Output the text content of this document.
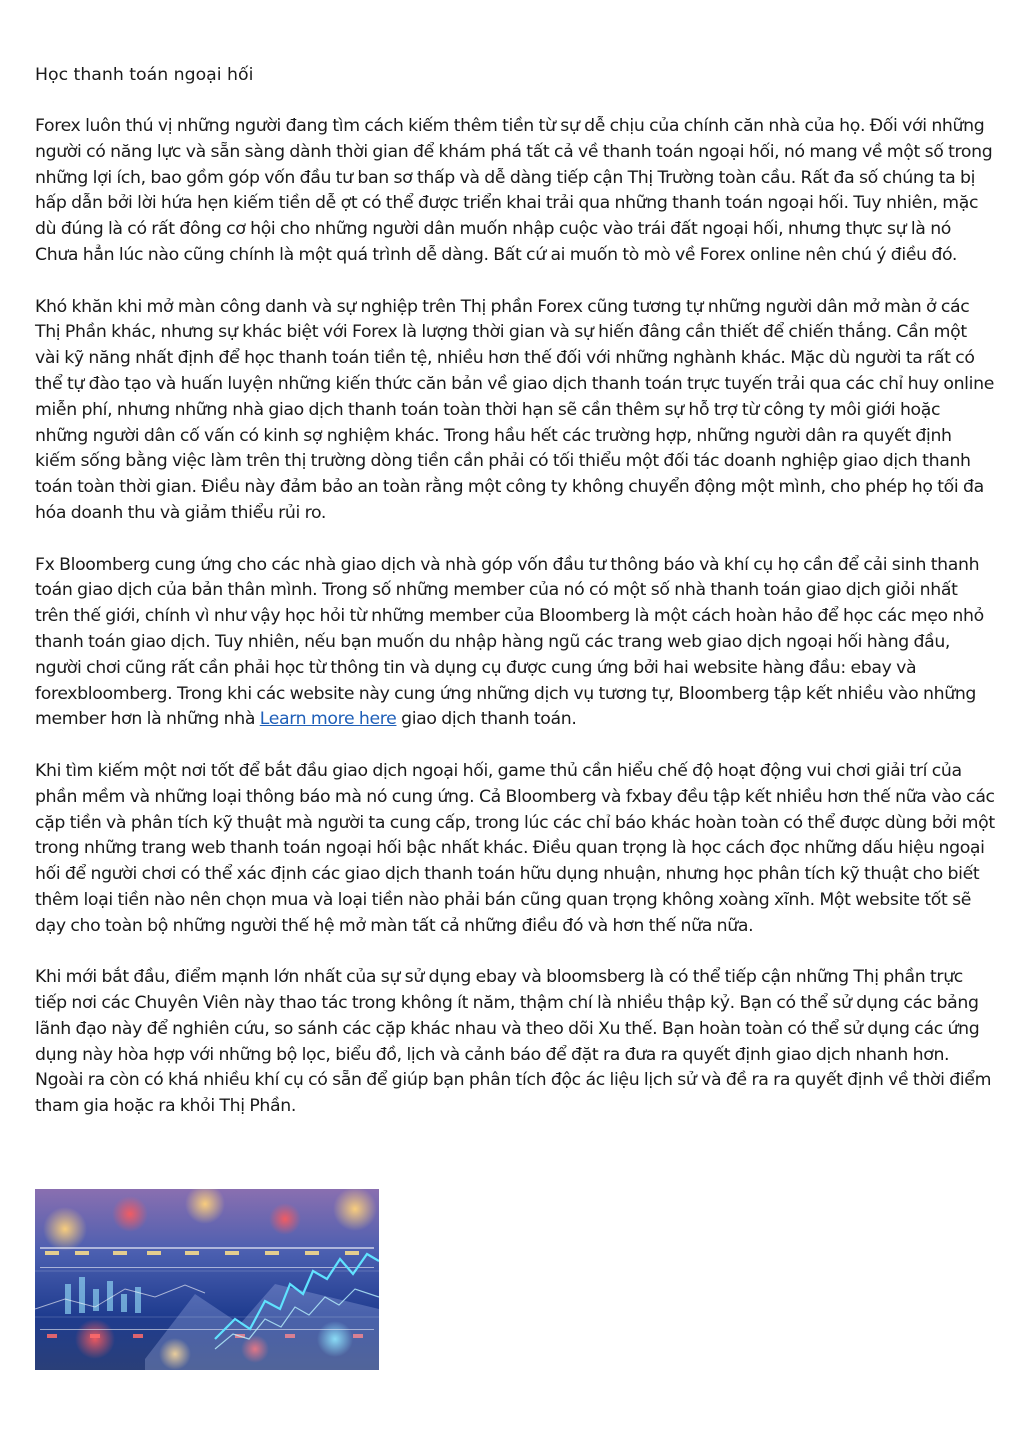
Học thanh toán ngoại hối

Forex luôn thú vị những người đang tìm cách kiếm thêm tiền từ sự dễ chịu của chính căn nhà của họ. Đối với những người có năng lực và sẵn sàng dành thời gian để khám phá tất cả về thanh toán ngoại hối, nó mang về một số trong những lợi ích, bao gồm góp vốn đầu tư ban sơ thấp và dễ dàng tiếp cận Thị Trường toàn cầu. Rất đa số chúng ta bị hấp dẫn bởi lời hứa hẹn kiếm tiền dễ ợt có thể được triển khai trải qua những thanh toán ngoại hối. Tuy nhiên, mặc dù đúng là có rất đông cơ hội cho những người dân muốn nhập cuộc vào trái đất ngoại hối, nhưng thực sự là nó Chưa hẳn lúc nào cũng chính là một quá trình dễ dàng. Bất cứ ai muốn tò mò về Forex online nên chú ý điều đó.

Khó khăn khi mở màn công danh và sự nghiệp trên Thị phần Forex cũng tương tự những người dân mở màn ở các Thị Phần khác, nhưng sự khác biệt với Forex là lượng thời gian và sự hiến đâng cần thiết để chiến thắng. Cần một vài kỹ năng nhất định để học thanh toán tiền tệ, nhiều hơn thế đối với những nghành khác. Mặc dù người ta rất có thể tự đào tạo và huấn luyện những kiến thức căn bản về giao dịch thanh toán trực tuyến trải qua các chỉ huy online miễn phí, nhưng những nhà giao dịch thanh toán toàn thời hạn sẽ cần thêm sự hỗ trợ từ công ty môi giới hoặc những người dân cố vấn có kinh sợ nghiệm khác. Trong hầu hết các trường hợp, những người dân ra quyết định kiếm sống bằng việc làm trên thị trường dòng tiền cần phải có tối thiểu một đối tác doanh nghiệp giao dịch thanh toán toàn thời gian. Điều này đảm bảo an toàn rằng một công ty không chuyển động một mình, cho phép họ tối đa hóa doanh thu và giảm thiểu rủi ro.

Fx Bloomberg cung ứng cho các nhà giao dịch và nhà góp vốn đầu tư thông báo và khí cụ họ cần để cải sinh thanh toán giao dịch của bản thân mình. Trong số những member của nó có một số nhà thanh toán giao dịch giỏi nhất trên thế giới, chính vì như vậy học hỏi từ những member của Bloomberg là một cách hoàn hảo để học các mẹo nhỏ thanh toán giao dịch. Tuy nhiên, nếu bạn muốn du nhập hàng ngũ các trang web giao dịch ngoại hối hàng đầu, người chơi cũng rất cần phải học từ thông tin và dụng cụ được cung ứng bởi hai website hàng đầu: ebay và forexbloomberg. Trong khi các website này cung ứng những dịch vụ tương tự, Bloomberg tập kết nhiều vào những member hơn là những nhà Learn more here giao dịch thanh toán.

Khi tìm kiếm một nơi tốt để bắt đầu giao dịch ngoại hối, game thủ cần hiểu chế độ hoạt động vui chơi giải trí của phần mềm và những loại thông báo mà nó cung ứng. Cả Bloomberg và fxbay đều tập kết nhiều hơn thế nữa vào các cặp tiền và phân tích kỹ thuật mà người ta cung cấp, trong lúc các chỉ báo khác hoàn toàn có thể được dùng bởi một trong những trang web thanh toán ngoại hối bậc nhất khác. Điều quan trọng là học cách đọc những dấu hiệu ngoại hối để người chơi có thể xác định các giao dịch thanh toán hữu dụng nhuận, nhưng học phân tích kỹ thuật cho biết thêm loại tiền nào nên chọn mua và loại tiền nào phải bán cũng quan trọng không xoàng xĩnh. Một website tốt sẽ dạy cho toàn bộ những người thế hệ mở màn tất cả những điều đó và hơn thế nữa nữa.

Khi mới bắt đầu, điểm mạnh lớn nhất của sự sử dụng ebay và bloomsberg là có thể tiếp cận những Thị phần trực tiếp nơi các Chuyên Viên này thao tác trong không ít năm, thậm chí là nhiều thập kỷ. Bạn có thể sử dụng các bảng lãnh đạo này để nghiên cứu, so sánh các cặp khác nhau và theo dõi Xu thế. Bạn hoàn toàn có thể sử dụng các ứng dụng này hòa hợp với những bộ lọc, biểu đồ, lịch và cảnh báo để đặt ra đưa ra quyết định giao dịch nhanh hơn. Ngoài ra còn có khá nhiều khí cụ có sẵn để giúp bạn phân tích độc ác liệu lịch sử và đề ra ra quyết định về thời điểm tham gia hoặc ra khỏi Thị Phần.
